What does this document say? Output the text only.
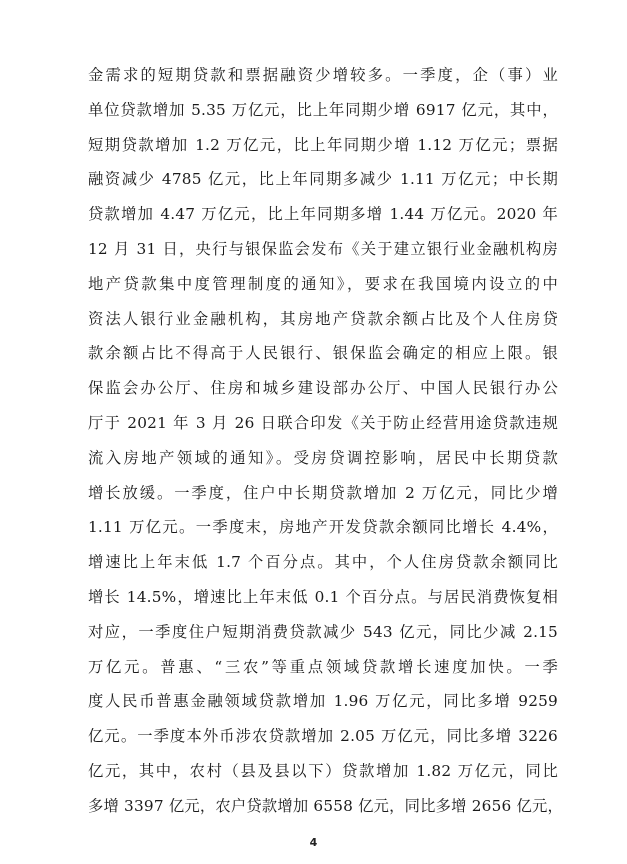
金需求的短期贷款和票据融资少增较多。一季度，企（事）业
单位贷款增加 5.35 万亿元，比上年同期少增 6917 亿元，其中，
短期贷款增加 1.2 万亿元，比上年同期少增 1.12 万亿元；票据
融资减少 4785 亿元，比上年同期多减少 1.11 万亿元；中长期
贷款增加 4.47 万亿元，比上年同期多增 1.44 万亿元。2020 年
12 月 31 日，央行与银保监会发布《关于建立银行业金融机构房
地产贷款集中度管理制度的通知》，要求在我国境内设立的中
资法人银行业金融机构，其房地产贷款余额占比及个人住房贷
款余额占比不得高于人民银行、银保监会确定的相应上限。银
保监会办公厅、住房和城乡建设部办公厅、中国人民银行办公
厅于 2021 年 3 月 26 日联合印发《关于防止经营用途贷款违规
流入房地产领域的通知》。受房贷调控影响，居民中长期贷款
增长放缓。一季度，住户中长期贷款增加 2 万亿元，同比少增
1.11 万亿元。一季度末，房地产开发贷款余额同比增长 4.4%，
增速比上年末低 1.7 个百分点。其中，个人住房贷款余额同比
增长 14.5%，增速比上年末低 0.1 个百分点。与居民消费恢复相
对应，一季度住户短期消费贷款减少 543 亿元，同比少减 2.15
万亿元。普惠、“三农”等重点领域贷款增长速度加快。一季
度人民币普惠金融领域贷款增加 1.96 万亿元，同比多增 9259
亿元。一季度本外币涉农贷款增加 2.05 万亿元，同比多增 3226
亿元，其中，农村（县及县以下）贷款增加 1.82 万亿元，同比
多增 3397 亿元，农户贷款增加 6558 亿元，同比多增 2656 亿元，
4
